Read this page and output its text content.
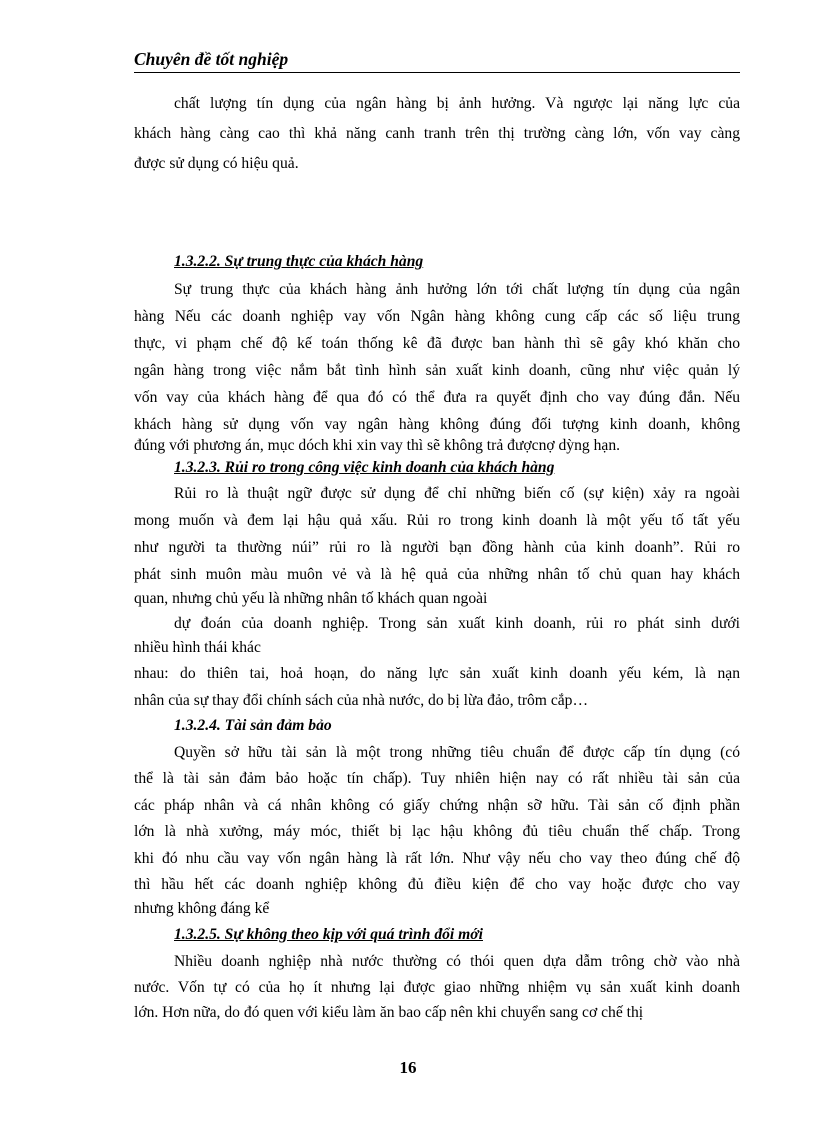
Chuyên đề tốt nghiệp
chất lượng tín dụng của ngân hàng bị ảnh hưởng. Và ngược lại năng lực của
khách hàng càng cao thì khả năng canh tranh trên thị trường càng lớn, vốn vay càng
được sử dụng có hiệu quả.
1.3.2.2. Sự trung thực của khách hàng
Sự trung thực của khách hàng ảnh hưởng lớn tới chất lượng tín dụng của ngân
hàng Nếu các doanh nghiệp vay vốn Ngân hàng không cung cấp các số liệu trung
thực, vi phạm chế độ kế toán thống kê đã được ban hành thì sẽ gây khó khăn cho
ngân hàng trong việc nắm bắt tình hình sản xuất kinh doanh, cũng như việc quản lý
vốn vay của khách hàng để qua đó có thể đưa ra quyết định cho vay đúng đắn. Nếu
khách hàng sử dụng vốn vay ngân hàng không đúng đối tượng kinh doanh, không
đúng với phương án, mục dóch khi xin vay thì sẽ không trả đượcnợ dỳng hạn.
1.3.2.3. Rủi ro trong công việc kinh doanh của khách hàng
Rủi ro là thuật ngữ được sử dụng để chỉ những biến cố (sự kiện) xảy ra ngoài
mong muốn và đem lại hậu quả xấu. Rủi ro trong kinh doanh là một yếu tố tất yếu
như người ta thường núi” rủi ro là người bạn đồng hành của kinh doanh”. Rủi ro
phát sinh muôn màu muôn vẻ và là hệ quả của những nhân tố chủ quan hay khách
quan, nhưng chủ yếu là những nhân tố khách quan ngoài
dự đoán của doanh nghiệp. Trong sản xuất kinh doanh, rủi ro phát sinh dưới
nhiều hình thái khác
nhau: do thiên tai, hoả hoạn, do năng lực sản xuất kinh doanh yếu kém, là nạn
nhân của sự thay đổi chính sách của nhà nước, do bị lừa đảo, trôm cắp…
1.3.2.4. Tài sản đảm bảo
Quyền sở hữu tài sản là một trong những tiêu chuẩn để được cấp tín dụng (có
thể là tài sản đảm bảo hoặc tín chấp). Tuy nhiên hiện nay có rất nhiều tài sản của
các pháp nhân và cá nhân không có giấy chứng nhận sỡ hữu. Tài sản cố định phần
lớn là nhà xưởng, máy móc, thiết bị lạc hậu không đủ tiêu chuẩn thế chấp. Trong
khi đó nhu cầu vay vốn ngân hàng là rất lớn. Như vậy nếu cho vay theo đúng chế độ
thì hầu hết các doanh nghiệp không đủ điều kiện để cho vay hoặc được cho vay
nhưng không đáng kể
1.3.2.5. Sự không theo kịp với quá trình đổi mới
Nhiều doanh nghiệp nhà nước thường có thói quen dựa dẫm trông chờ vào nhà
nước. Vốn tự có của họ ít nhưng lại được giao những nhiệm vụ sản xuất kinh doanh
lớn. Hơn nữa, do đó quen với kiểu làm ăn bao cấp nên khi chuyển sang cơ chế thị
16
